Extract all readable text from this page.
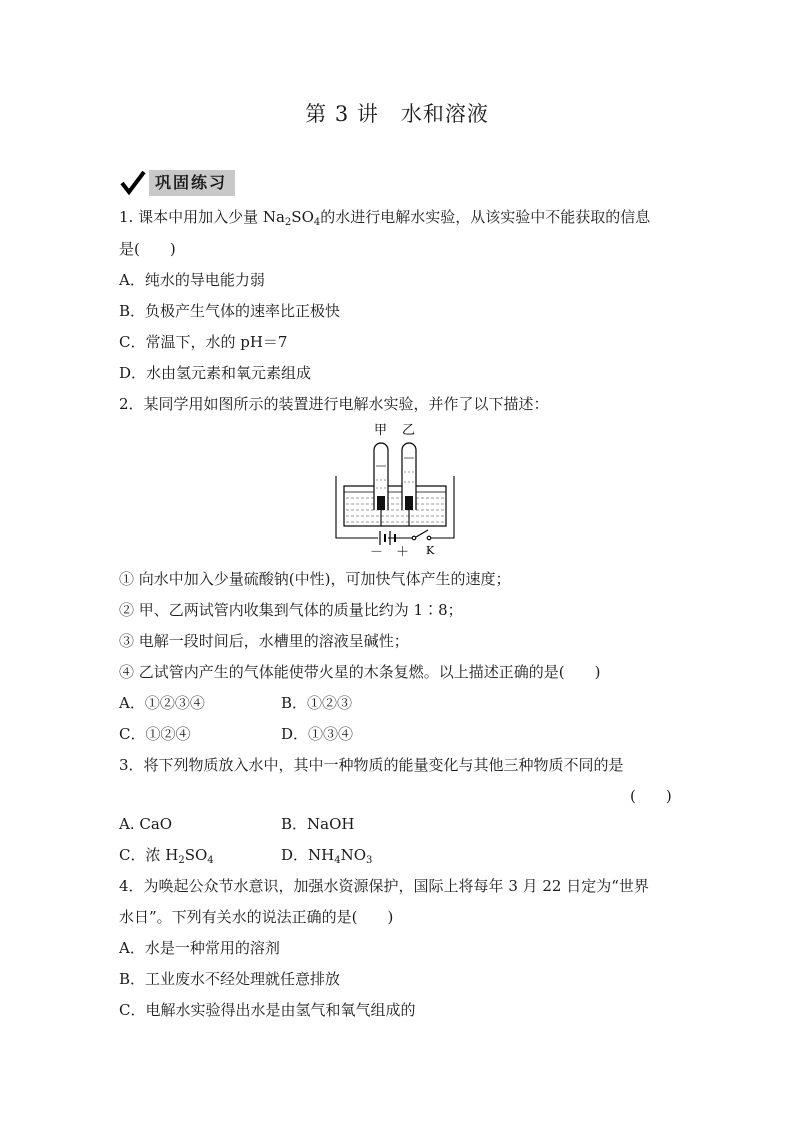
第 3 讲　水和溶液
巩固练习
1. 课本中用加入少量 $Na_2SO_4$的水进行电解水实验，从该实验中不能获取的信息
是(　　)
A．纯水的导电能力弱
B．负极产生气体的速率比正极快
C．常温下，水的 pH＝7
D．水由氢元素和氧元素组成
2．某同学用如图所示的装置进行电解水实验，并作了以下描述：
甲 乙
－ ＋ K
① 向水中加入少量硫酸钠(中性)，可加快气体产生的速度；
② 甲、乙两试管内收集到气体的质量比约为 1∶8；
③ 电解一段时间后，水槽里的溶液呈碱性；
④ 乙试管内产生的气体能使带火星的木条复燃。以上描述正确的是(　　)
A．①②③④	B．①②③
C．①②④	D．①③④
3．将下列物质放入水中，其中一种物质的能量变化与其他三种物质不同的是
(　　)
A. CaO	B．NaOH
C．浓 $H_2SO_4$	D．$NH_4NO_3$
4．为唤起公众节水意识，加强水资源保护，国际上将每年 3 月 22 日定为“世界
水日”。下列有关水的说法正确的是(　　)
A．水是一种常用的溶剂
B．工业废水不经处理就任意排放
C．电解水实验得出水是由氢气和氧气组成的
